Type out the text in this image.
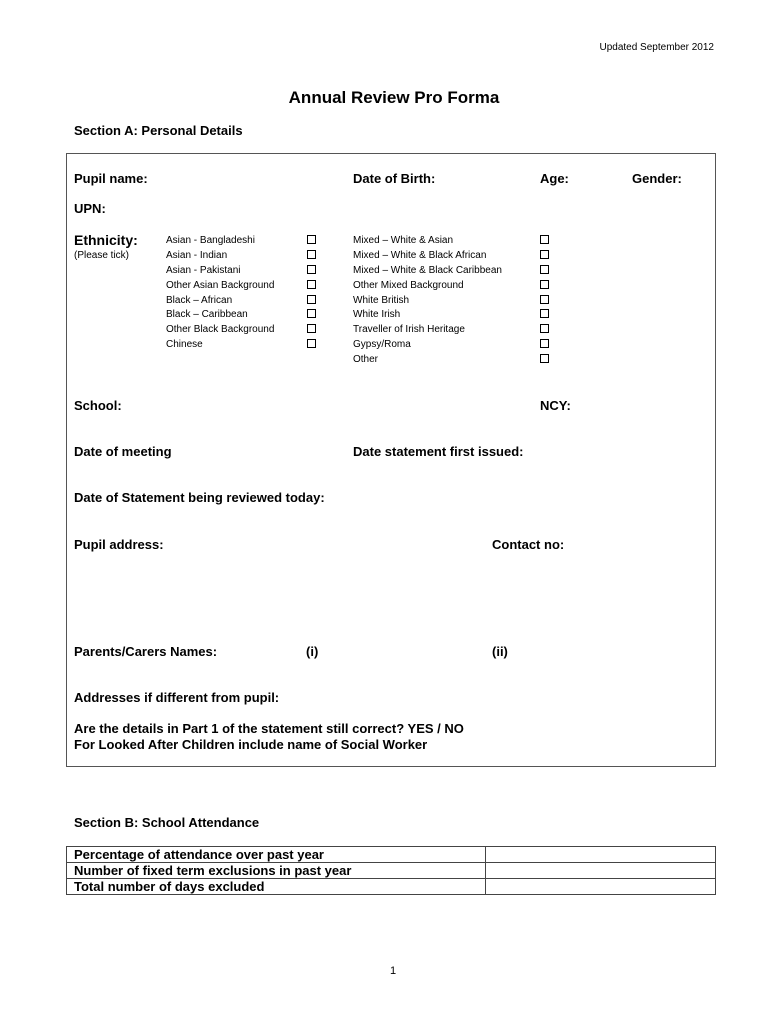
Updated September 2012
Annual Review Pro Forma
Section A: Personal Details
Pupil name:	Date of Birth:	Age:	Gender:
UPN:
Ethnicity:
(Please tick)
Asian - Bangladeshi
Asian - Indian
Asian - Pakistani
Other Asian Background
Black – African
Black – Caribbean
Other Black Background
Chinese
Mixed – White & Asian
Mixed – White & Black African
Mixed – White & Black Caribbean
Other Mixed Background
White British
White Irish
Traveller of Irish Heritage
Gypsy/Roma
Other
School:	NCY:
Date of meeting	Date statement first issued:
Date of Statement being reviewed today:
Pupil address:	Contact no:
Parents/Carers Names:	(i)	(ii)
Addresses if different from pupil:
Are the details in Part 1 of the statement still correct? YES / NO
For Looked After Children include name of Social Worker
Section B: School Attendance
Percentage of attendance over past year	
Number of fixed term exclusions in past year	
Total number of days excluded	
1
